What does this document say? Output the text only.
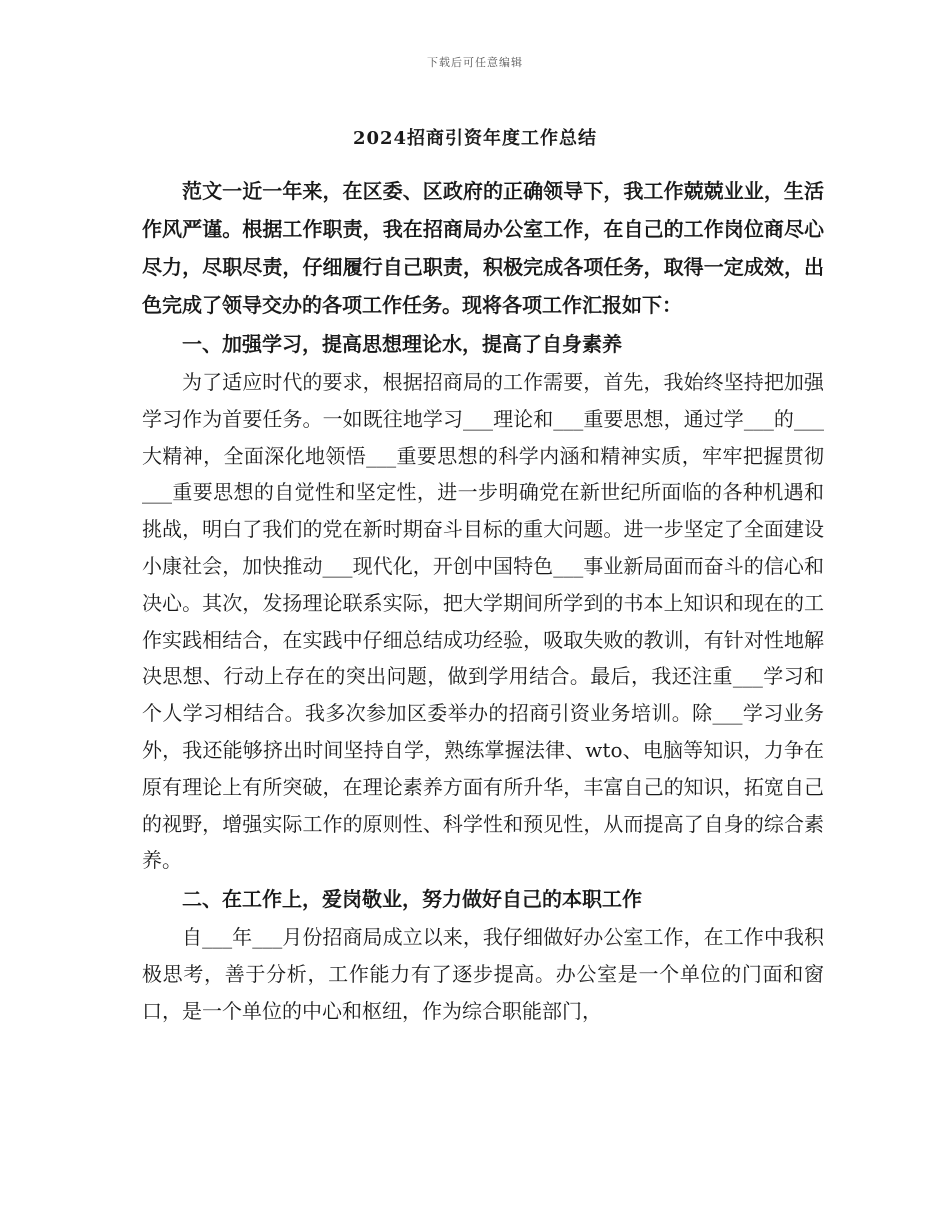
下载后可任意编辑
2024招商引资年度工作总结

范文一近一年来，在区委、区政府的正确领导下，我工作兢兢业业，生活作风严谨。根据工作职责，我在招商局办公室工作，在自己的工作岗位商尽心尽力，尽职尽责，仔细履行自己职责，积极完成各项任务，取得一定成效，出色完成了领导交办的各项工作任务。现将各项工作汇报如下：

一、加强学习，提高思想理论水，提高了自身素养

为了适应时代的要求，根据招商局的工作需要，首先，我始终坚持把加强学习作为首要任务。一如既往地学习___理论和___重要思想，通过学___的___大精神，全面深化地领悟___重要思想的科学内涵和精神实质，牢牢把握贯彻___重要思想的自觉性和坚定性，进一步明确党在新世纪所面临的各种机遇和挑战，明白了我们的党在新时期奋斗目标的重大问题。进一步坚定了全面建设小康社会，加快推动___现代化，开创中国特色___事业新局面而奋斗的信心和决心。其次，发扬理论联系实际，把大学期间所学到的书本上知识和现在的工作实践相结合，在实践中仔细总结成功经验，吸取失败的教训，有针对性地解决思想、行动上存在的突出问题，做到学用结合。最后，我还注重___学习和个人学习相结合。我多次参加区委举办的招商引资业务培训。除___学习业务外，我还能够挤出时间坚持自学，熟练掌握法律、wto、电脑等知识，力争在原有理论上有所突破，在理论素养方面有所升华，丰富自己的知识，拓宽自己的视野，增强实际工作的原则性、科学性和预见性，从而提高了自身的综合素养。

二、在工作上，爱岗敬业，努力做好自己的本职工作

自___年___月份招商局成立以来，我仔细做好办公室工作，在工作中我积极思考，善于分析，工作能力有了逐步提高。办公室是一个单位的门面和窗口，是一个单位的中心和枢纽，作为综合职能部门，
